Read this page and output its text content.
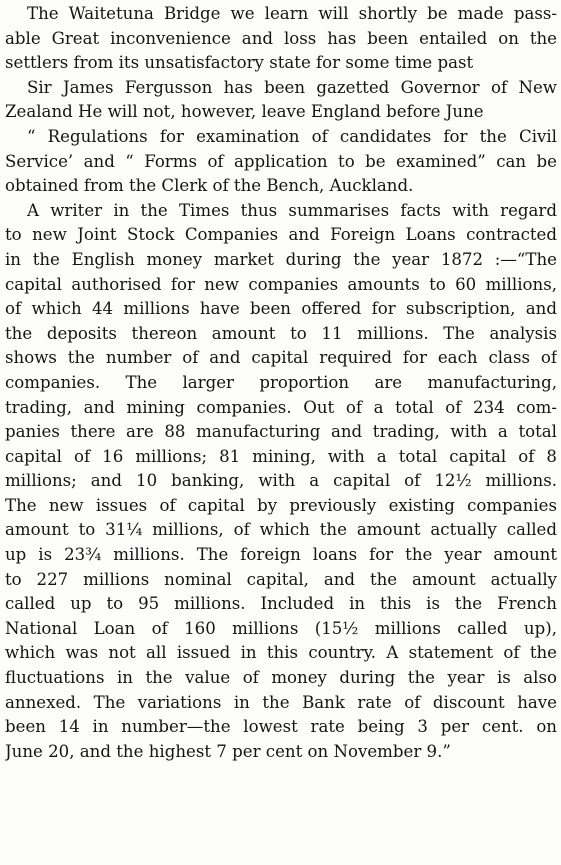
The Waitetuna Bridge we learn will shortly be made pass-
able Great inconvenience and loss has been entailed on the
settlers from its unsatisfactory state for some time past
Sir James Fergusson has been gazetted Governor of New
Zealand He will not, however, leave England before June
“ Regulations for examination of candidates for the Civil
Service’ and “ Forms of application to be examined” can be
obtained from the Clerk of the Bench, Auckland.
A writer in the Times thus summarises facts with regard
to new Joint Stock Companies and Foreign Loans contracted
in the English money market during the year 1872 :—“The
capital authorised for new companies amounts to 60 millions,
of which 44 millions have been offered for subscription, and
the deposits thereon amount to 11 millions. The analysis
shows the number of and capital required for each class of
companies. The larger proportion are manufacturing,
trading, and mining companies. Out of a total of 234 com-
panies there are 88 manufacturing and trading, with a total
capital of 16 millions; 81 mining, with a total capital of 8
millions; and 10 banking, with a capital of 12½ millions.
The new issues of capital by previously existing companies
amount to 31¼ millions, of which the amount actually called
up is 23¾ millions. The foreign loans for the year amount
to 227 millions nominal capital, and the amount actually
called up to 95 millions. Included in this is the French
National Loan of 160 millions (15½ millions called up),
which was not all issued in this country. A statement of the
fluctuations in the value of money during the year is also
annexed. The variations in the Bank rate of discount have
been 14 in number—the lowest rate being 3 per cent. on
June 20, and the highest 7 per cent on November 9.”
